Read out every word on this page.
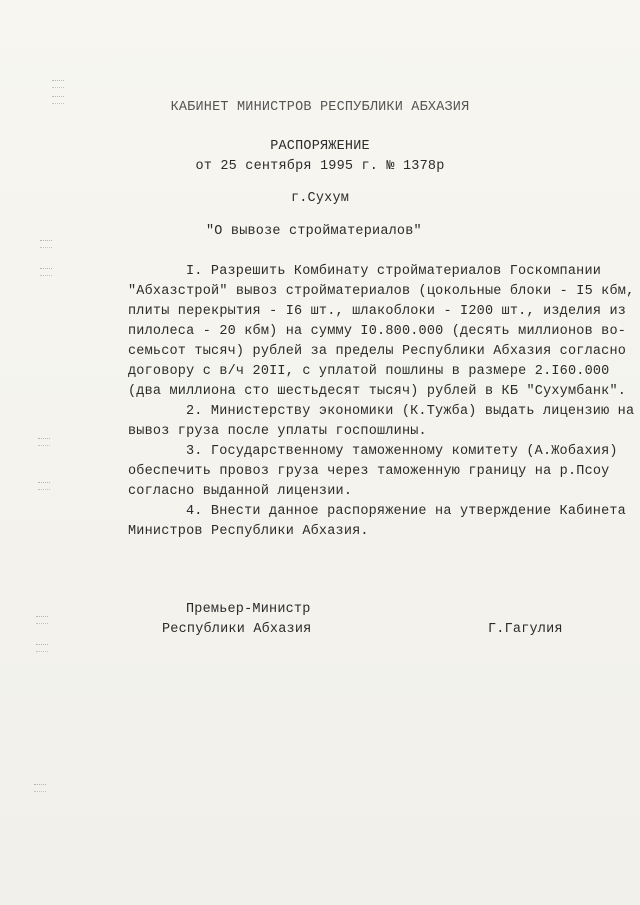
КАБИНЕТ МИНИСТРОВ РЕСПУБЛИКИ АБХАЗИЯ
РАСПОРЯЖЕНИЕ
от 25 сентября 1995 г. № 1378р
г.Сухум
"О вывозе стройматериалов"
I. Разрешить Комбинату стройматериалов Госкомпании
"Абхазстрой" вывоз стройматериалов (цокольные блоки - I5 кбм,
плиты перекрытия - I6 шт., шлакоблоки - I200 шт., изделия из
пилолеса - 20 кбм) на сумму I0.800.000 (десять миллионов во-
семьсот тысяч) рублей за пределы Республики Абхазия согласно
договору с в/ч 20II, с уплатой пошлины в размере 2.I60.000
(два миллиона сто шестьдесят тысяч) рублей в КБ "Сухумбанк".
2. Министерству экономики (К.Тужба) выдать лицензию на
вывоз груза после уплаты госпошлины.
3. Государственному таможенному комитету (А.Жобахия)
обеспечить провоз груза через таможенную границу на р.Псоу
согласно выданной лицензии.
4. Внести данное распоряжение на утверждение Кабинета
Министров Республики Абхазия.
Премьер-Министр
Республики Абхазия	Г.Гагулия
